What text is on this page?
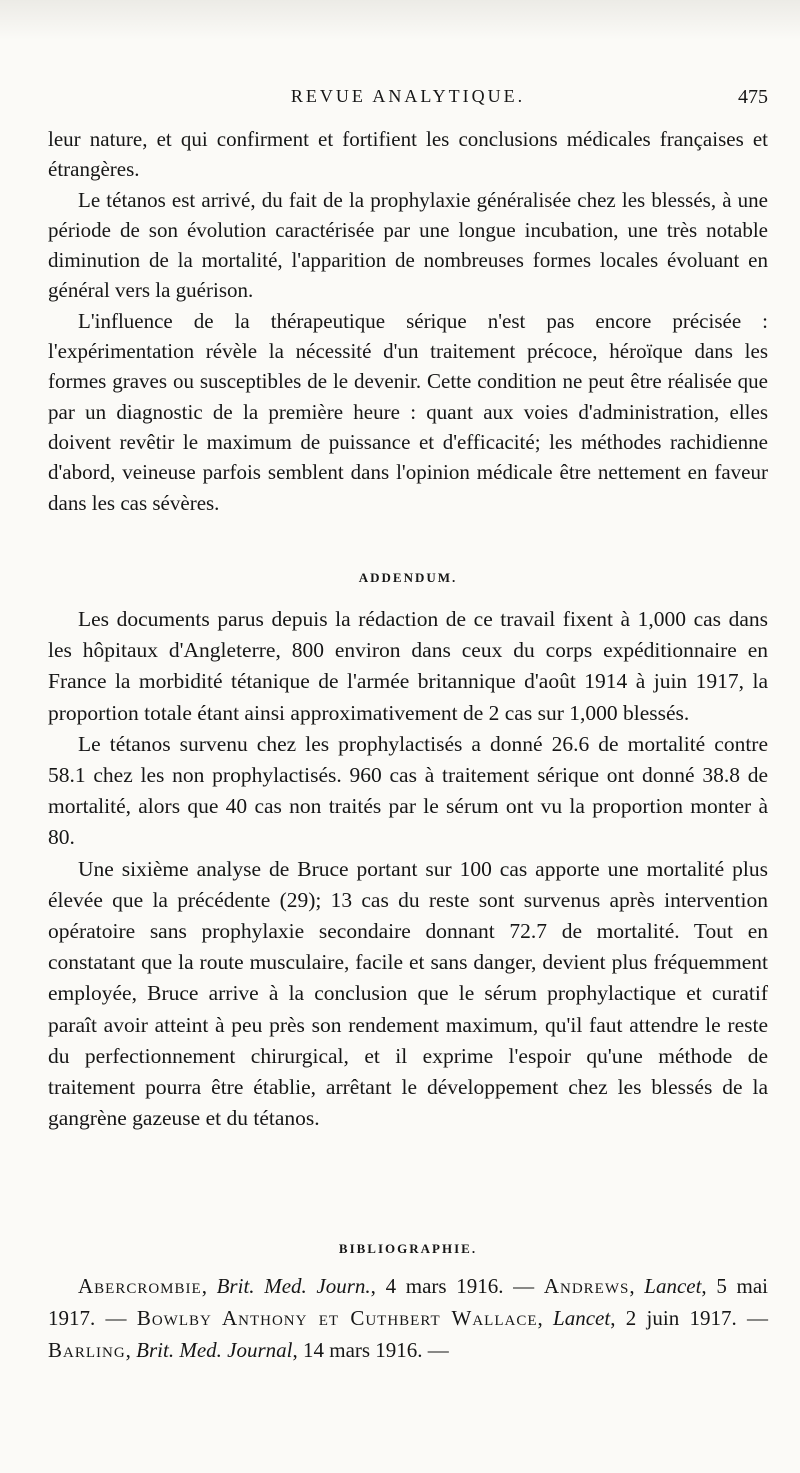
REVUE ANALYTIQUE.	475

leur nature, et qui confirment et fortifient les conclusions médicales françaises et étrangères.

Le tétanos est arrivé, du fait de la prophylaxie généralisée chez les blessés, à une période de son évolution caractérisée par une longue incubation, une très notable diminution de la mortalité, l'apparition de nombreuses formes locales évoluant en général vers la guérison.

L'influence de la thérapeutique sérique n'est pas encore précisée : l'expérimentation révèle la nécessité d'un traitement précoce, héroïque dans les formes graves ou susceptibles de le devenir. Cette condition ne peut être réalisée que par un diagnostic de la première heure : quant aux voies d'administration, elles doivent revêtir le maximum de puissance et d'efficacité; les méthodes rachidienne d'abord, veineuse parfois semblent dans l'opinion médicale être nettement en faveur dans les cas sévères.

ADDENDUM.

Les documents parus depuis la rédaction de ce travail fixent à 1,000 cas dans les hôpitaux d'Angleterre, 800 environ dans ceux du corps expéditionnaire en France la morbidité tétanique de l'armée britannique d'août 1914 à juin 1917, la proportion totale étant ainsi approximativement de 2 cas sur 1,000 blessés.

Le tétanos survenu chez les prophylactisés a donné 26.6 de mortalité contre 58.1 chez les non prophylactisés. 960 cas à traitement sérique ont donné 38.8 de mortalité, alors que 40 cas non traités par le sérum ont vu la proportion monter à 80.

Une sixième analyse de Bruce portant sur 100 cas apporte une mortalité plus élevée que la précédente (29); 13 cas du reste sont survenus après intervention opératoire sans prophylaxie secondaire donnant 72.7 de mortalité. Tout en constatant que la route musculaire, facile et sans danger, devient plus fréquemment employée, Bruce arrive à la conclusion que le sérum prophylactique et curatif paraît avoir atteint à peu près son rendement maximum, qu'il faut attendre le reste du perfectionnement chirurgical, et il exprime l'espoir qu'une méthode de traitement pourra être établie, arrêtant le développement chez les blessés de la gangrène gazeuse et du tétanos.

BIBLIOGRAPHIE.

Abercrombie, Brit. Med. Journ., 4 mars 1916. — Andrews, Lancet, 5 mai 1917. — Bowlby Anthony et Cuthbert Wallace, Lancet, 2 juin 1917. — Barling, Brit. Med. Journal, 14 mars 1916. —
